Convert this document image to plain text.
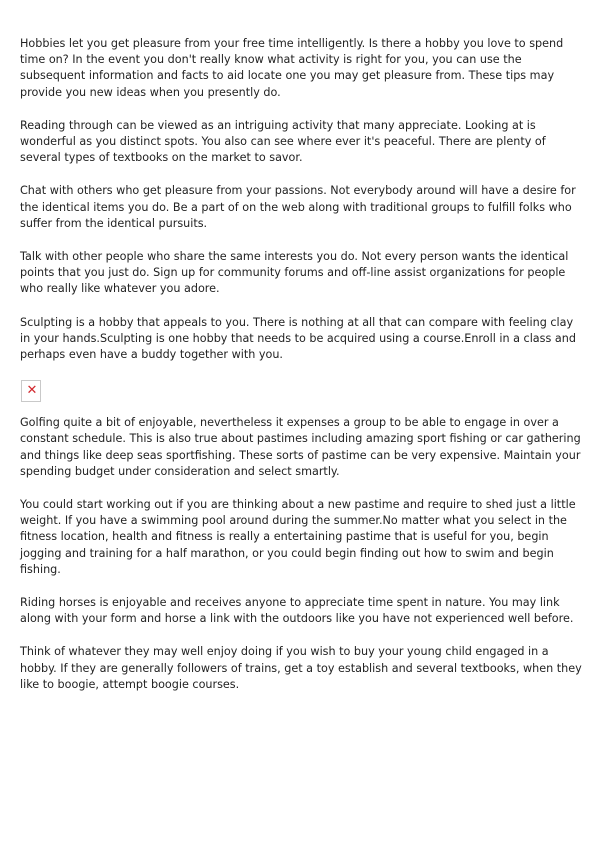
Hobbies let you get pleasure from your free time intelligently. Is there a hobby you love to spend time on? In the event you don't really know what activity is right for you, you can use the subsequent information and facts to aid locate one you may get pleasure from. These tips may provide you new ideas when you presently do.

Reading through can be viewed as an intriguing activity that many appreciate. Looking at is wonderful as you distinct spots. You also can see where ever it's peaceful. There are plenty of several types of textbooks on the market to savor.

Chat with others who get pleasure from your passions. Not everybody around will have a desire for the identical items you do. Be a part of on the web along with traditional groups to fulfill folks who suffer from the identical pursuits.

Talk with other people who share the same interests you do. Not every person wants the identical points that you just do. Sign up for community forums and off-line assist organizations for people who really like whatever you adore.

Sculpting is a hobby that appeals to you. There is nothing at all that can compare with feeling clay in your hands.Sculpting is one hobby that needs to be acquired using a course.Enroll in a class and perhaps even have a buddy together with you.

✕

Golfing quite a bit of enjoyable, nevertheless it expenses a group to be able to engage in over a constant schedule. This is also true about pastimes including amazing sport fishing or car gathering and things like deep seas sportfishing. These sorts of pastime can be very expensive. Maintain your spending budget under consideration and select smartly.

You could start working out if you are thinking about a new pastime and require to shed just a little weight. If you have a swimming pool around during the summer.No matter what you select in the fitness location, health and fitness is really a entertaining pastime that is useful for you, begin jogging and training for a half marathon, or you could begin finding out how to swim and begin fishing.

Riding horses is enjoyable and receives anyone to appreciate time spent in nature. You may link along with your form and horse a link with the outdoors like you have not experienced well before.

Think of whatever they may well enjoy doing if you wish to buy your young child engaged in a hobby. If they are generally followers of trains, get a toy establish and several textbooks, when they like to boogie, attempt boogie courses.
